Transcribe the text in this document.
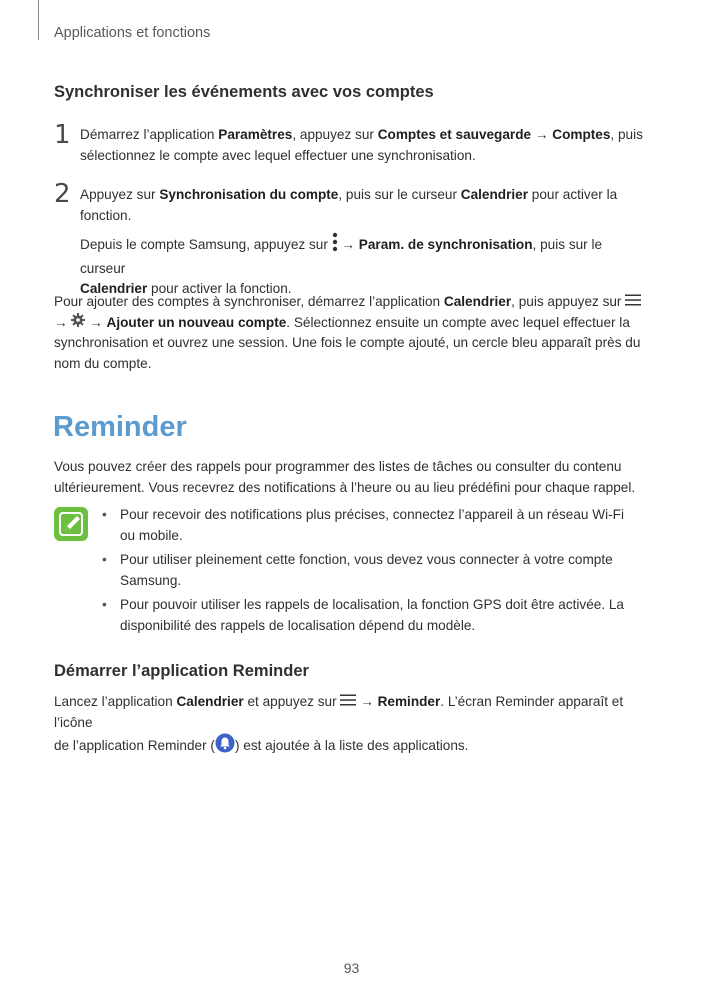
Applications et fonctions
Synchroniser les événements avec vos comptes
1 Démarrez l’application Paramètres, appuyez sur Comptes et sauvegarde → Comptes, puis
sélectionnez le compte avec lequel effectuer une synchronisation.
2 Appuyez sur Synchronisation du compte, puis sur le curseur Calendrier pour activer la
fonction.
Depuis le compte Samsung, appuyez sur  → Param. de synchronisation, puis sur le curseur
Calendrier pour activer la fonction.
Pour ajouter des comptes à synchroniser, démarrez l’application Calendrier, puis appuyez sur
→  → Ajouter un nouveau compte. Sélectionnez ensuite un compte avec lequel effectuer la
synchronisation et ouvrez une session. Une fois le compte ajouté, un cercle bleu apparaît près du
nom du compte.
Reminder
Vous pouvez créer des rappels pour programmer des listes de tâches ou consulter du contenu
ultérieurement. Vous recevrez des notifications à l’heure ou au lieu prédéfini pour chaque rappel.
• Pour recevoir des notifications plus précises, connectez l’appareil à un réseau Wi-Fi ou mobile.
• Pour utiliser pleinement cette fonction, vous devez vous connecter à votre compte Samsung.
• Pour pouvoir utiliser les rappels de localisation, la fonction GPS doit être activée. La disponibilité des rappels de localisation dépend du modèle.
Démarrer l’application Reminder
Lancez l’application Calendrier et appuyez sur  → Reminder. L’écran Reminder apparaît et l’icône
de l’application Reminder ( ) est ajoutée à la liste des applications.
93
